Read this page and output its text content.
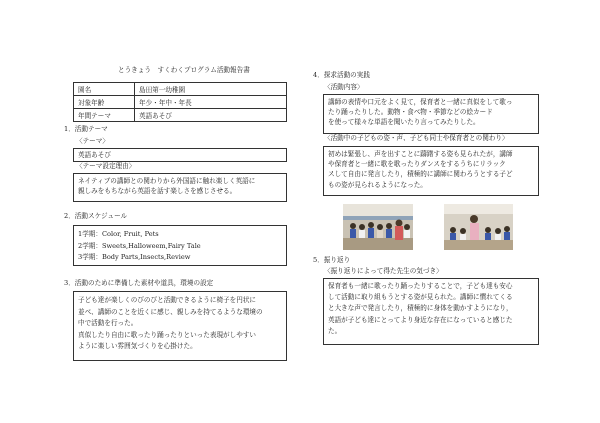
とうきょう　すくわくプログラム活動報告書
園名	島田第一幼稚園
対象年齢	年少・年中・年長
年間テーマ	英語あそび
1．活動テーマ
〈テーマ〉

英語あそび

〈テーマ設定理由〉

ネイティブの講師との関わりから外国語に触れ楽しく英語に

親しみをもちながら英語を話す楽しさを感じさせる。

2．活動スケジュール

1学期：Color, Fruit, Pets

2学期：Sweets,Halloweem,Fairy Tale

3学期：Body Parts,Insects,Review

3．活動のために準備した素材や道具，環境の設定

子ども達が楽しくのびのびと活動できるように椅子を円状に

並べ、講師のことを近くに感じ、親しみを持てるような環境の

中で活動を行った。

真似したり自由に歌ったり踊ったりといった表現がしやすい

ように楽しい雰囲気づくりを心掛けた。

4．探求活動の実践
〈活動内容〉

講師の表情や口元をよく見て，保育者と一緒に真似をして歌っ

たり踊ったりした。動物・食べ物・季節などの絵カード

を使って様々な単語を聞いたり言ってみたりした。

〈活動中の子どもの姿・声、子ども同士や保育者との関わり〉

初めは緊張し、声を出すことに躊躇する姿も見られたが，講師

や保育者と一緒に歌を歌ったりダンスをするうちにリラック

スして自由に発言したり，積極的に講師に関わろうとする子ど

もの姿が見られるようになった。

5．振り返り
〈振り返りによって得た先生の気づき〉

保育者も一緒に歌ったり踊ったりすることで，子ども達も安心

して活動に取り組もうとする姿が見られた。講師に慣れてくる

と大きな声で発言したり，積極的に身体を動かすようになり，

英語が子ども達にとってより身近な存在になっていると感じた

た。
